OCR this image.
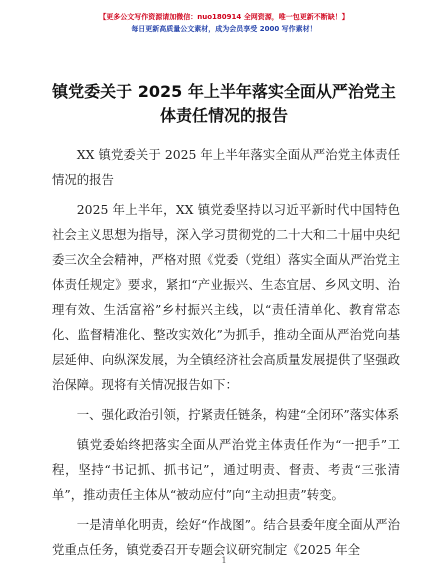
【更多公文写作资源请加微信：nuo180914 全网资源，唯一包更新不断缺！】
每日更新高质量公文素材，成为会员享受 2000 写作素材！
镇党委关于 2025 年上半年落实全面从严治党主体责任情况的报告

XX 镇党委关于 2025 年上半年落实全面从严治党主体责任情况的报告

2025 年上半年，XX 镇党委坚持以习近平新时代中国特色社会主义思想为指导，深入学习贯彻党的二十大和二十届中央纪委三次全会精神，严格对照《党委（党组）落实全面从严治党主体责任规定》要求，紧扣“产业振兴、生态宜居、乡风文明、治理有效、生活富裕”乡村振兴主线，以“责任清单化、教育常态化、监督精准化、整改实效化”为抓手，推动全面从严治党向基层延伸、向纵深发展，为全镇经济社会高质量发展提供了坚强政治保障。现将有关情况报告如下：

一、强化政治引领，拧紧责任链条，构建“全闭环”落实体系

镇党委始终把落实全面从严治党主体责任作为“一把手”工程，坚持“书记抓、抓书记”，通过明责、督责、考责“三张清单”，推动责任主体从“被动应付”向“主动担责”转变。

一是清单化明责，绘好“作战图”。结合县委年度全面从严治党重点任务，镇党委召开专题会议研究制定《2025 年全

1
